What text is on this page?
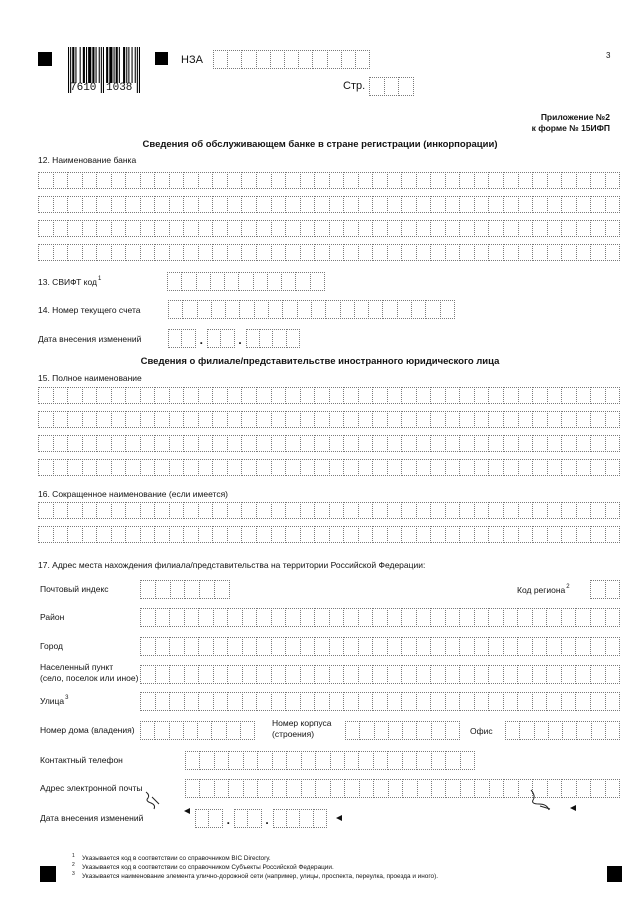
7610 1038
НЗА	3
Стр.
Приложение №2
к форме № 15ИФП
Сведения об обслуживающем банке в стране регистрации (инкорпорации)
12. Наименование банка
13. СВИФТ код$^1$
14. Номер текущего счета
Дата внесения изменений	.	.
Сведения о филиале/представительстве иностранного юридического лица
15. Полное наименование
16. Сокращенное наименование (если имеется)
17. Адрес места нахождения филиала/представительства на территории Российской Федерации:
Почтовый индекс	Код региона$^2$
Район
Город
Населенный пункт
(село, поселок или иное)
Улица$^3$
Номер дома (владения)
Номер корпуса
(строения)	Офис
Контактный телефон
Адрес электронной почты
Дата внесения изменений	.	.
1 Указывается код в соответствии со справочником BIC Directory.
2 Указывается код в соответствии со справочником Субъекты Российской Федерации.
3 Указывается наименование элемента улично-дорожной сети (например, улицы, проспекта, переулка, проезда и иного).
